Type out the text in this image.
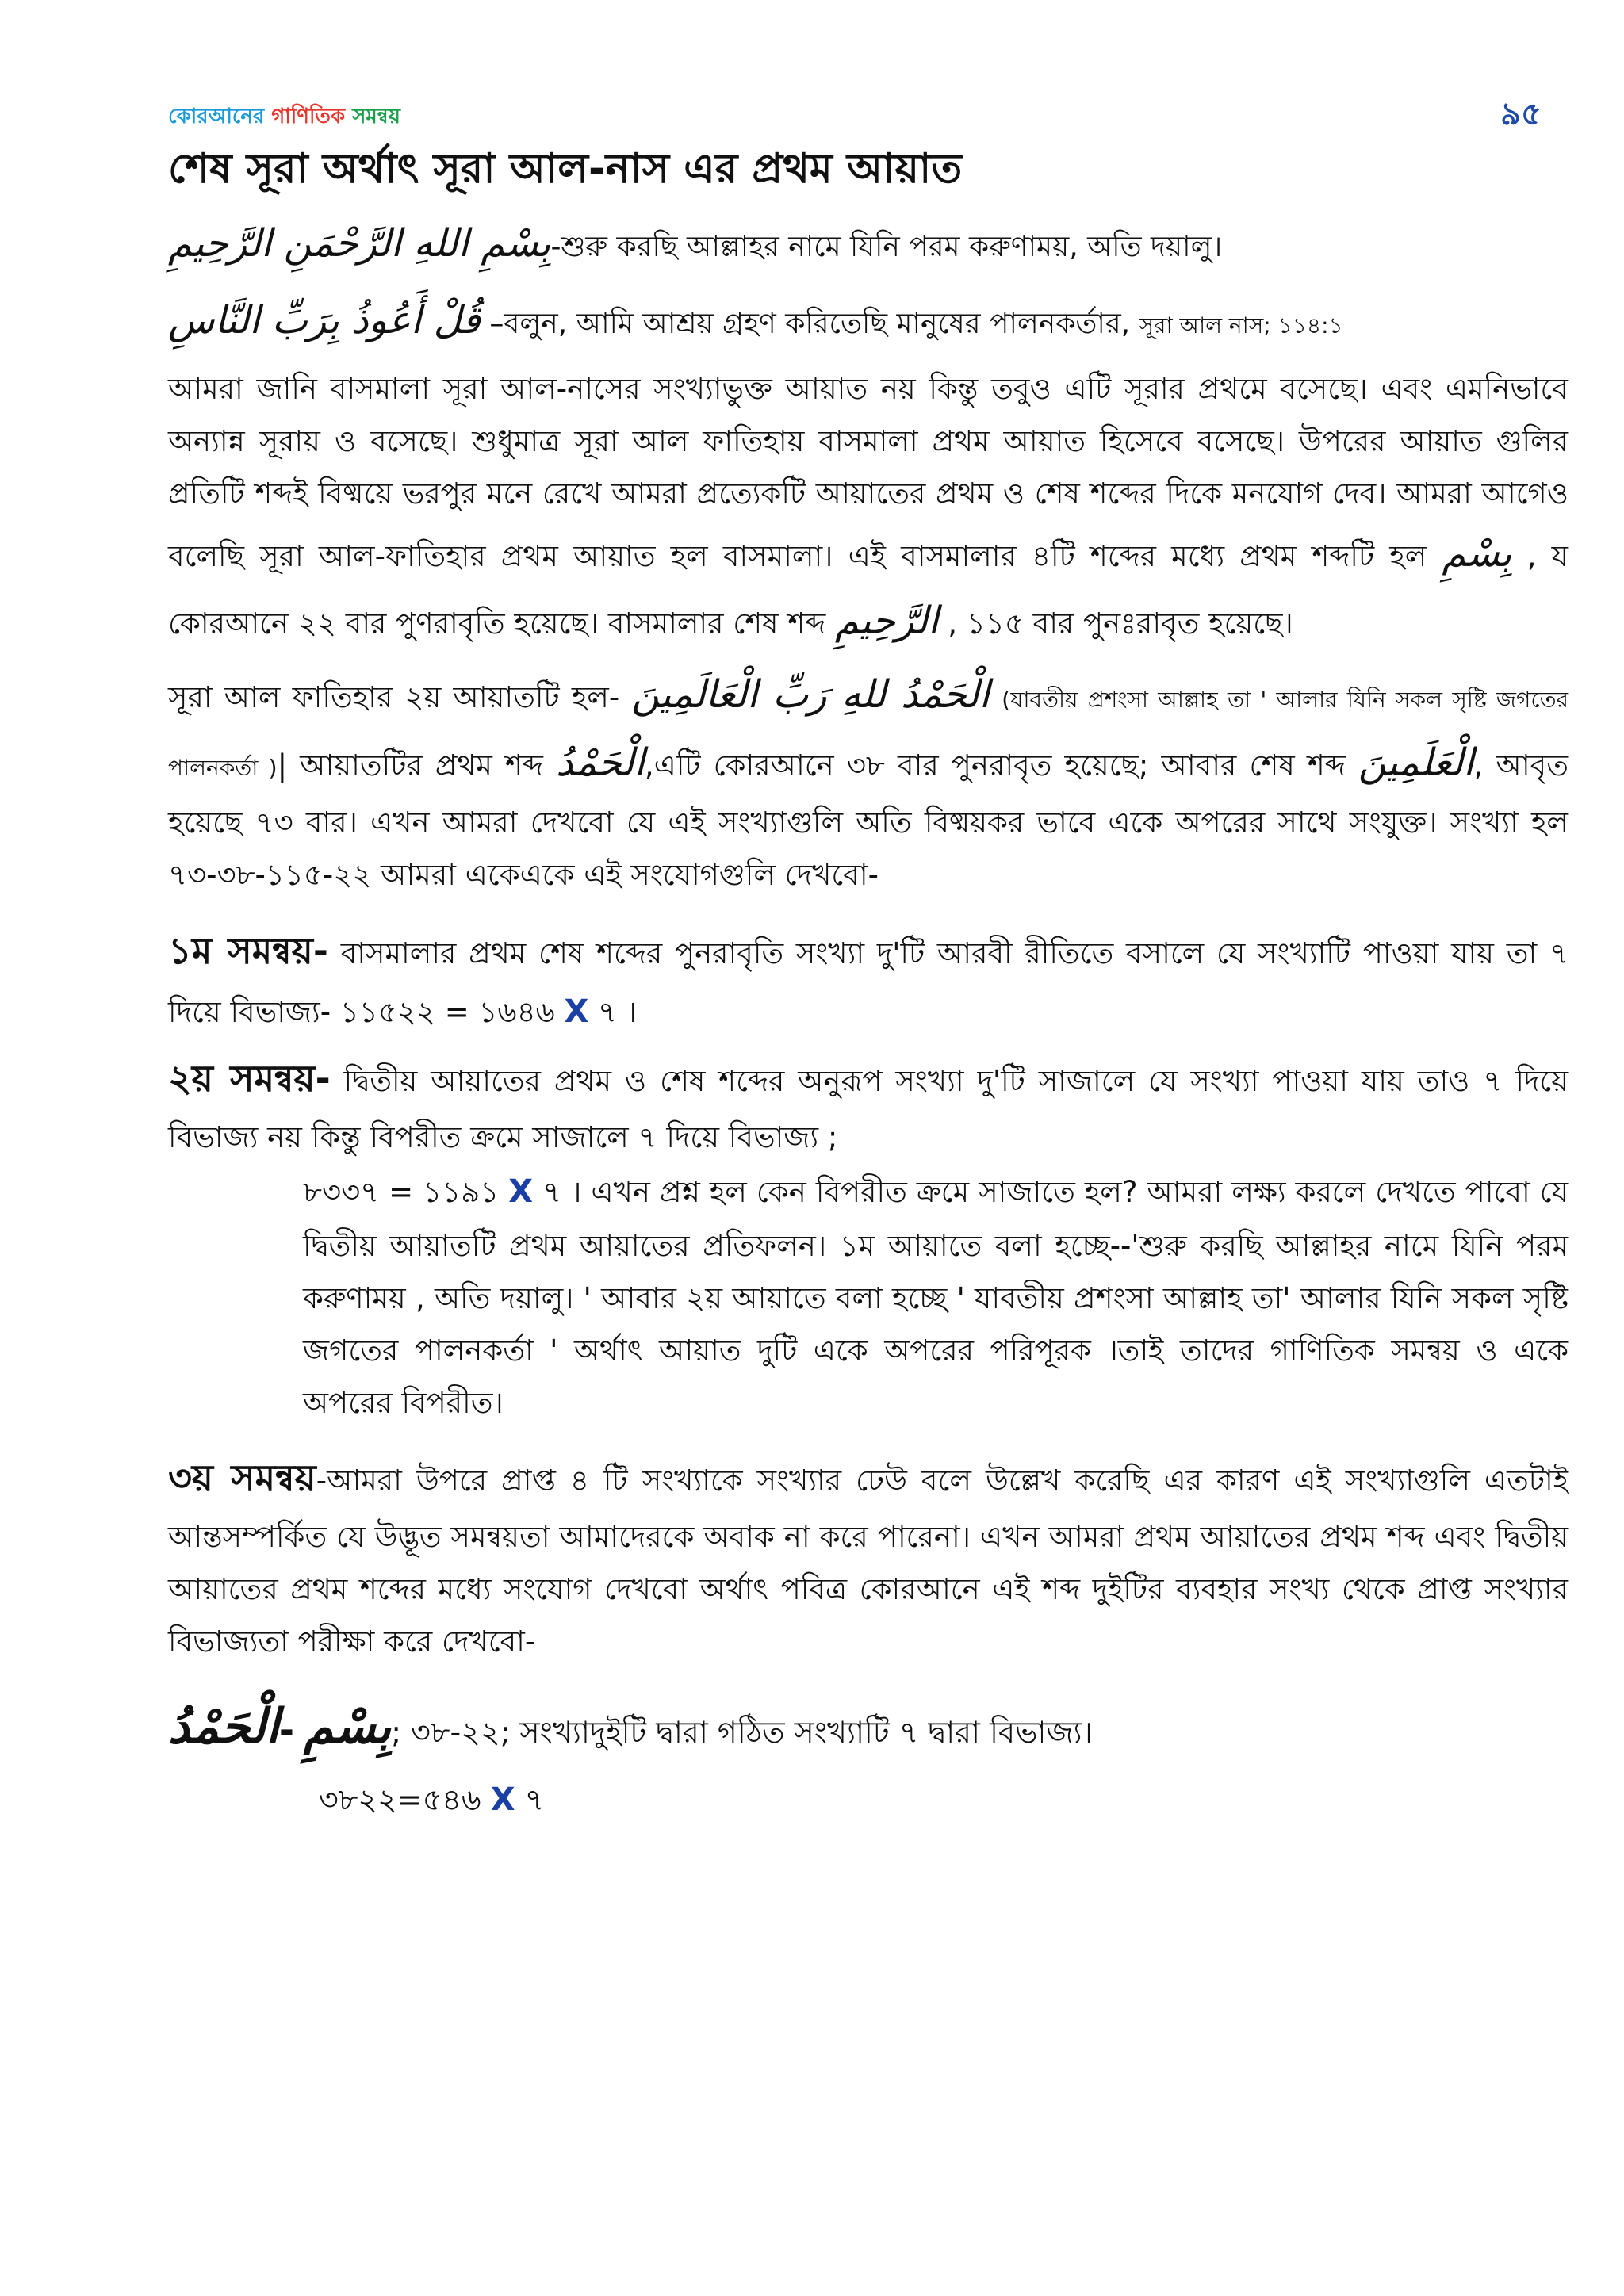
কোরআনের গাণিতিক সমন্বয়	৯৫
শেষ সূরা অর্থাৎ সূরা আল-নাস এর প্রথম আয়াত

بِسْمِ اللهِ الرَّحْمَنِ الرَّحِيمِ-শুরু করছি আল্লাহর নামে যিনি পরম করুণাময়, অতি দয়ালু।

قُلْ أَعُوذُ بِرَبِّ النَّاسِ –বলুন, আমি আশ্রয় গ্রহণ করিতেছি মানুষের পালনকর্তার, সূরা আল নাস; ১১৪:১

আমরা জানি বাসমালা সূরা আল-নাসের সংখ্যাভুক্ত আয়াত নয় কিন্তু তবুও এটি সূরার প্রথমে বসেছে। এবং এমনিভাবে অন্যান্ন সূরায় ও বসেছে। শুধুমাত্র সূরা আল ফাতিহায় বাসমালা প্রথম আয়াত হিসেবে বসেছে। উপরের আয়াত গুলির প্রতিটি শব্দই বিষ্ময়ে ভরপুর মনে রেখে আমরা প্রত্যেকটি আয়াতের প্রথম ও শেষ শব্দের দিকে মনযোগ দেব। আমরা আগেও বলেছি সূরা আল-ফাতিহার প্রথম আয়াত হল বাসমালা। এই বাসমালার ৪টি শব্দের মধ্যে প্রথম শব্দটি হল بِسْمِ , য কোরআনে ২২ বার পুণরাবৃতি হয়েছে। বাসমালার শেষ শব্দ الرَّحِيمِ , ১১৫ বার পুনঃরাবৃত হয়েছে।

সূরা আল ফাতিহার ২য় আয়াতটি হল- الْحَمْدُ للهِ رَبِّ الْعَالَمِينَ (যাবতীয় প্রশংসা আল্লাহ তা ' আলার যিনি সকল সৃষ্টি জগতের পালনকর্তা )| আয়াতটির প্রথম শব্দ الْحَمْدُ,এটি কোরআনে ৩৮ বার পুনরাবৃত হয়েছে; আবার শেষ শব্দ الْعَلَمِينَ, আবৃত হয়েছে ৭৩ বার। এখন আমরা দেখবো যে এই সংখ্যাগুলি অতি বিষ্ময়কর ভাবে একে অপরের সাথে সংযুক্ত। সংখ্যা হল ৭৩-৩৮-১১৫-২২ আমরা একেএকে এই সংযোগগুলি দেখবো-

১ম সমন্বয়- বাসমালার প্রথম শেষ শব্দের পুনরাবৃতি সংখ্যা দু'টি আরবী রীতিতে বসালে যে সংখ্যাটি পাওয়া যায় তা ৭ দিয়ে বিভাজ্য- ১১৫২২ = ১৬৪৬ X ৭ ।

২য় সমন্বয়- দ্বিতীয় আয়াতের প্রথম ও শেষ শব্দের অনুরূপ সংখ্যা দু'টি সাজালে যে সংখ্যা পাওয়া যায় তাও ৭ দিয়ে বিভাজ্য নয় কিন্তু বিপরীত ক্রমে সাজালে ৭ দিয়ে বিভাজ্য ;
৮৩৩৭ = ১১৯১ X ৭ । এখন প্রশ্ন হল কেন বিপরীত ক্রমে সাজাতে হল? আমরা লক্ষ্য করলে দেখতে পাবো যে দ্বিতীয় আয়াতটি প্রথম আয়াতের প্রতিফলন। ১ম আয়াতে বলা হচ্ছে--'শুরু করছি আল্লাহর নামে যিনি পরম করুণাময় , অতি দয়ালু। ' আবার ২য় আয়াতে বলা হচ্ছে ' যাবতীয় প্রশংসা আল্লাহ তা' আলার যিনি সকল সৃষ্টি জগতের পালনকর্তা ' অর্থাৎ আয়াত দুটি একে অপরের পরিপূরক ।তাই তাদের গাণিতিক সমন্বয় ও একে অপরের বিপরীত।

৩য় সমন্বয়-আমরা উপরে প্রাপ্ত ৪ টি সংখ্যাকে সংখ্যার ঢেউ বলে উল্লেখ করেছি এর কারণ এই সংখ্যাগুলি এতটাই আন্তসম্পর্কিত যে উদ্ভূত সমন্বয়তা আমাদেরকে অবাক না করে পারেনা। এখন আমরা প্রথম আয়াতের প্রথম শব্দ এবং দ্বিতীয় আয়াতের প্রথম শব্দের মধ্যে সংযোগ দেখবো অর্থাৎ পবিত্র কোরআনে এই শব্দ দুইটির ব্যবহার সংখ্য থেকে প্রাপ্ত সংখ্যার বিভাজ্যতা পরীক্ষা করে দেখবো-

الْحَمْدُ- بِسْمِ; ৩৮-২২; সংখ্যাদুইটি দ্বারা গঠিত সংখ্যাটি ৭ দ্বারা বিভাজ্য।

৩৮২২=৫৪৬ X ৭
